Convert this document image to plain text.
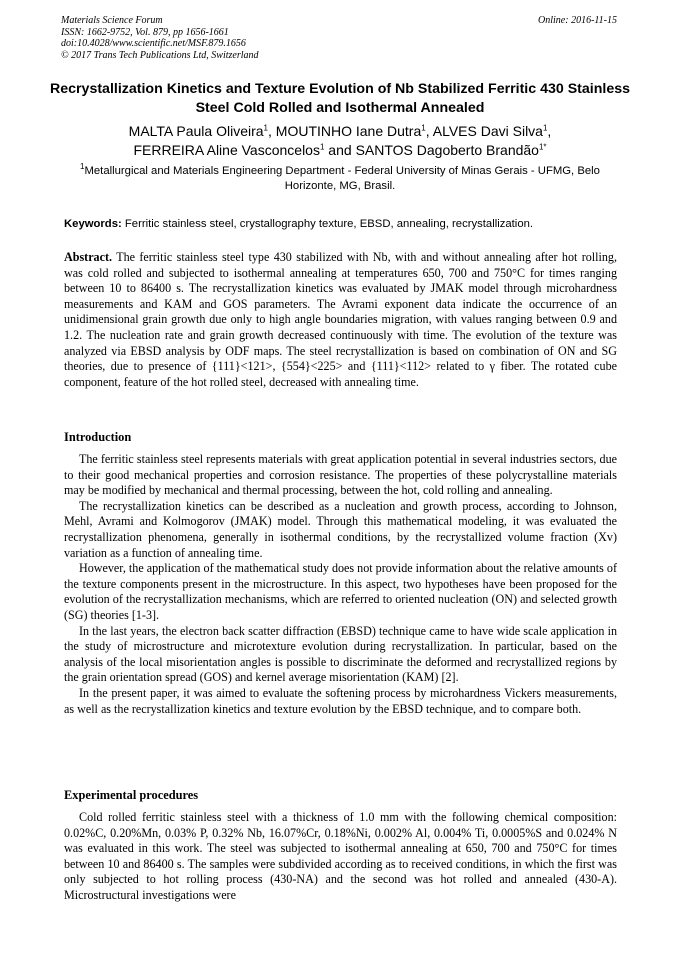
Materials Science Forum
ISSN: 1662-9752, Vol. 879, pp 1656-1661
doi:10.4028/www.scientific.net/MSF.879.1656
© 2017 Trans Tech Publications Ltd, Switzerland
Online: 2016-11-15
Recrystallization Kinetics and Texture Evolution of Nb Stabilized Ferritic 430 Stainless Steel Cold Rolled and Isothermal Annealed
MALTA Paula Oliveira$^1$, MOUTINHO Iane Dutra$^1$, ALVES Davi Silva$^1$,
FERREIRA Aline Vasconcelos$^1$ and SANTOS Dagoberto Brandão$^{1*}$
$^1$Metallurgical and Materials Engineering Department - Federal University of Minas Gerais - UFMG, Belo Horizonte, MG, Brasil.
Keywords: Ferritic stainless steel, crystallography texture, EBSD, annealing, recrystallization.
Abstract. The ferritic stainless steel type 430 stabilized with Nb, with and without annealing after hot rolling, was cold rolled and subjected to isothermal annealing at temperatures 650, 700 and 750°C for times ranging between 10 to 86400 s. The recrystallization kinetics was evaluated by JMAK model through microhardness measurements and KAM and GOS parameters. The Avrami exponent data indicate the occurrence of an unidimensional grain growth due only to high angle boundaries migration, with values ranging between 0.9 and 1.2. The nucleation rate and grain growth decreased continuously with time. The evolution of the texture was analyzed via EBSD analysis by ODF maps. The steel recrystallization is based on combination of ON and SG theories, due to presence of {111}<121>, {554}<225> and {111}<112> related to γ fiber. The rotated cube component, feature of the hot rolled steel, decreased with annealing time.
Introduction

The ferritic stainless steel represents materials with great application potential in several industries sectors, due to their good mechanical properties and corrosion resistance. The properties of these polycrystalline materials may be modified by mechanical and thermal processing, between the hot, cold rolling and annealing.

The recrystallization kinetics can be described as a nucleation and growth process, according to Johnson, Mehl, Avrami and Kolmogorov (JMAK) model. Through this mathematical modeling, it was evaluated the recrystallization phenomena, generally in isothermal conditions, by the recrystallized volume fraction (Xv) variation as a function of annealing time.

However, the application of the mathematical study does not provide information about the relative amounts of the texture components present in the microstructure. In this aspect, two hypotheses have been proposed for the evolution of the recrystallization mechanisms, which are referred to oriented nucleation (ON) and selected growth (SG) theories [1-3].

In the last years, the electron back scatter diffraction (EBSD) technique came to have wide scale application in the study of microstructure and microtexture evolution during recrystallization. In particular, based on the analysis of the local misorientation angles is possible to discriminate the deformed and recrystallized regions by the grain orientation spread (GOS) and kernel average misorientation (KAM) [2].

In the present paper, it was aimed to evaluate the softening process by microhardness Vickers measurements, as well as the recrystallization kinetics and texture evolution by the EBSD technique, and to compare both.

Experimental procedures

Cold rolled ferritic stainless steel with a thickness of 1.0 mm with the following chemical composition: 0.02%C, 0.20%Mn, 0.03% P, 0.32% Nb, 16.07%Cr, 0.18%Ni, 0.002% Al, 0.004% Ti, 0.0005%S and 0.024% N was evaluated in this work. The steel was subjected to isothermal annealing at 650, 700 and 750°C for times between 10 and 86400 s. The samples were subdivided according as to received conditions, in which the first was only subjected to hot rolling process (430-NA) and the second was hot rolled and annealed (430-A). Microstructural investigations were
